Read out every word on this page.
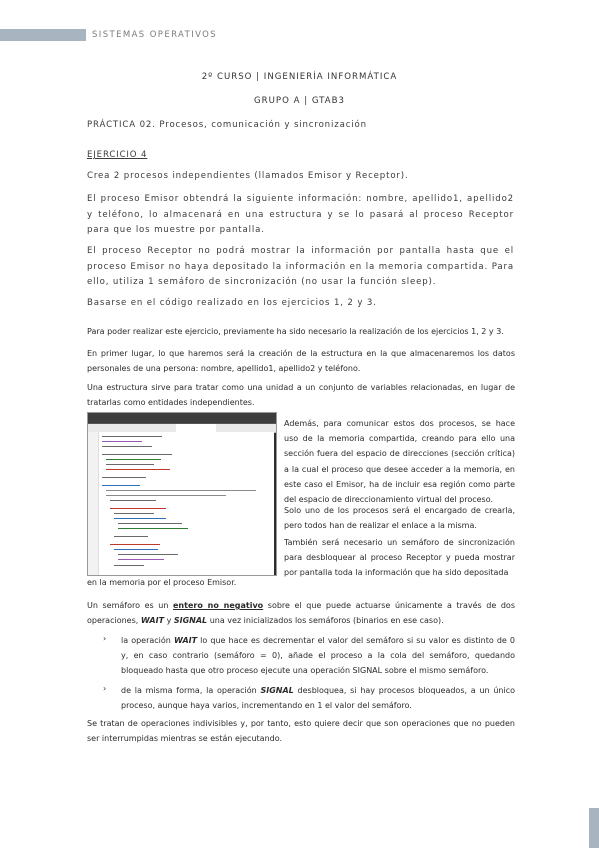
SISTEMAS OPERATIVOS
2º CURSO | INGENIERÍA INFORMÁTICA
GRUPO A | GTAB3

PRÁCTICA 02. Procesos, comunicación y sincronización

EJERCICIO 4

Crea 2 procesos independientes (llamados Emisor y Receptor).

El proceso Emisor obtendrá la siguiente información: nombre, apellido1, apellido2 y teléfono, lo almacenará en una estructura y se lo pasará al proceso Receptor para que los muestre por pantalla.

El proceso Receptor no podrá mostrar la información por pantalla hasta que el proceso Emisor no haya depositado la información en la memoria compartida. Para ello, utiliza 1 semáforo de sincronización (no usar la función sleep).

Basarse en el código realizado en los ejercicios 1, 2 y 3.

Para poder realizar este ejercicio, previamente ha sido necesario la realización de los ejercicios 1, 2 y 3.

En primer lugar, lo que haremos será la creación de la estructura en la que almacenaremos los datos personales de una persona: nombre, apellido1, apellido2 y teléfono.

Una estructura sirve para tratar como una unidad a un conjunto de variables relacionadas, en lugar de tratarlas como entidades independientes.

Además, para comunicar estos dos procesos, se hace uso de la memoria compartida, creando para ello una sección fuera del espacio de direcciones (sección crítica) a la cual el proceso que desee acceder a la memoria, en este caso el Emisor, ha de incluir esa región como parte del espacio de direccionamiento virtual del proceso.

Solo uno de los procesos será el encargado de crearla, pero todos han de realizar el enlace a la misma.

También será necesario un semáforo de sincronización para desbloquear al proceso Receptor y pueda mostrar por pantalla toda la información que ha sido depositada

en la memoria por el proceso Emisor.

Un semáforo es un entero no negativo sobre el que puede actuarse únicamente a través de dos operaciones, WAIT y SIGNAL una vez inicializados los semáforos (binarios en ese caso).

› la operación WAIT lo que hace es decrementar el valor del semáforo si su valor es distinto de 0 y, en caso contrario (semáforo = 0), añade el proceso a la cola del semáforo, quedando bloqueado hasta que otro proceso ejecute una operación SIGNAL sobre el mismo semáforo.

› de la misma forma, la operación SIGNAL desbloquea, si hay procesos bloqueados, a un único proceso, aunque haya varios, incrementando en 1 el valor del semáforo.

Se tratan de operaciones indivisibles y, por tanto, esto quiere decir que son operaciones que no pueden ser interrumpidas mientras se están ejecutando.
